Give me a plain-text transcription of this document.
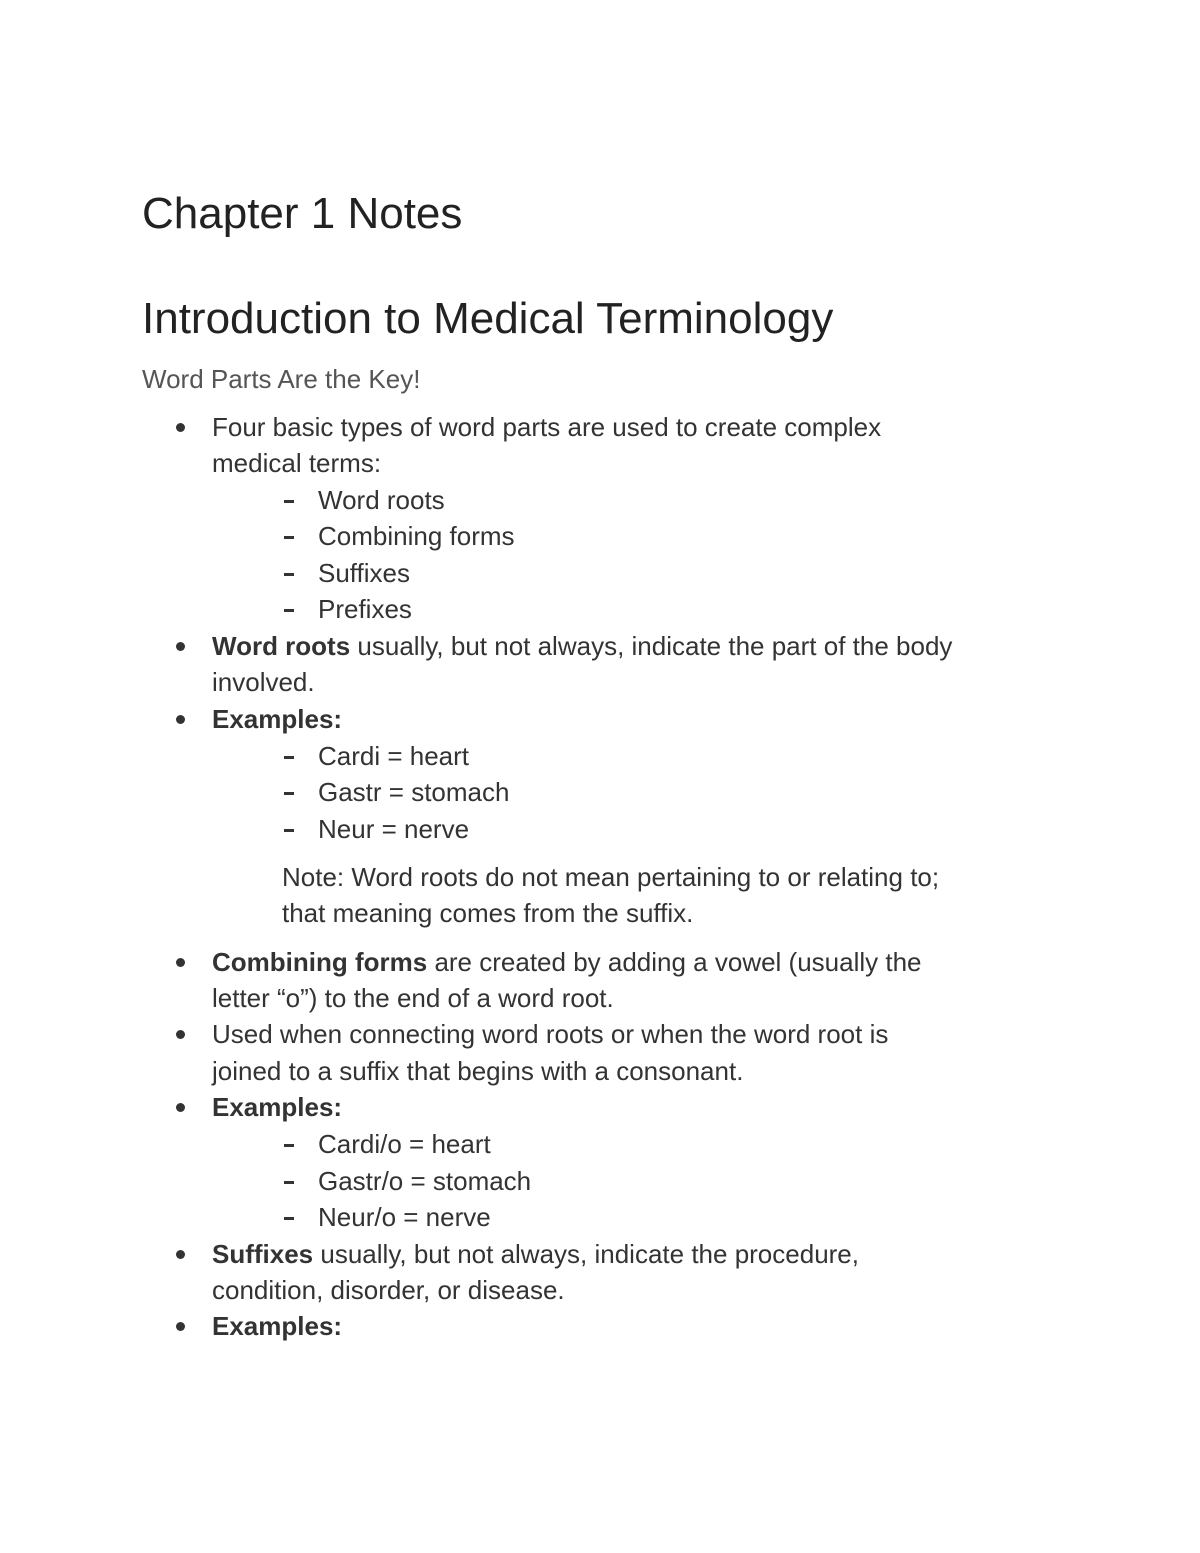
Chapter 1 Notes
Introduction to Medical Terminology
Word Parts Are the Key!
Four basic types of word parts are used to create complex
medical terms:
Word roots
Combining forms
Suffixes
Prefixes
Word roots usually, but not always, indicate the part of the body
involved.
Examples:
Cardi = heart
Gastr = stomach
Neur = nerve
Note: Word roots do not mean pertaining to or relating to;
that meaning comes from the suffix.
Combining forms are created by adding a vowel (usually the
letter “o”) to the end of a word root.
Used when connecting word roots or when the word root is
joined to a suffix that begins with a consonant.
Examples:
Cardi/o = heart
Gastr/o = stomach
Neur/o = nerve
Suffixes usually, but not always, indicate the procedure,
condition, disorder, or disease.
Examples:
